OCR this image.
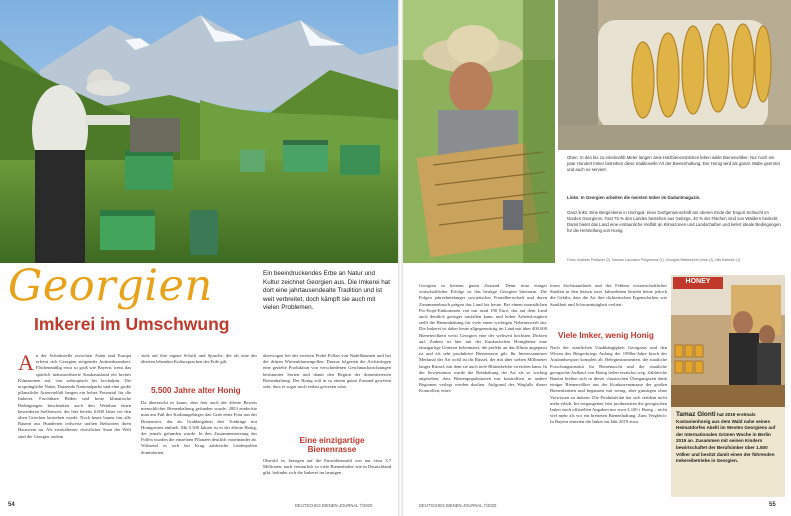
Oben: In den bis zu einebnahb Meter langen Jara-Holzbienenstöcken leben wilde Bienenvölker. Nur noch ein paar Hundert Imker betreiben diese traditionelle Art der Bienenhaltung. Der Honig wird als ganze Wabe geerntet und auch so serviert.
Links: In Georgien arbeiten die meisten Imker im Dadantmagazin.
Ganz links: Eine Bergimkerei in Uschguli, einer Dorfgemeinschaft am oberen Ende der Enguri-Schlucht im Norden Georgiens. Fast 75 % des Landes bestehen aus Gebirge, 40 % der Flächen sind von Wäldern bedeckt. Damit bietet das Land eine erstaunliche Vielfalt an Klimazonen und Landschaften und liefert ideale Bedingungen für die Herstellung von Honig.
Fotos: Andreas Preissner (2), Mariusz Caucasus Programme (1), Georgian Beekeepers Union (2), Nils Hartwich (1)
Georgien
Imkerei im Umschwung
Ein beeindruckendes Erbe an Natur und Kultur zeichnet Georgien aus. Die Imkerei hat dort eine jahrtausendealte Tradition und ist weit verbreitet, doch kämpft sie auch mit vielen Problemen.
A n der Schnittstelle zwischen Asien und Europa erfreut sich Georgien steigender Aufmerksamkeit. Flächenmäßig etwa so groß wie Bayern, weist das spärlich industrialisierte Kaukasusland ein breites Klimazonen auf, von subtropisch bis hochalpin. Die ursprüngliche Natur, Dutzende Nationalparks und eine große pflanzliche Artenvielfalt bergen ein hohes Potenzial für die Imkerei. Fruchtbare Böden und beste klimatische Bedingungen beschenken auch den Weinbau einen besonderen Stellenwert, der hier bereits 6.000 Jahre vor den alten Griechen betrieben wurde. Noch heute bauen fast alle Bauern aus Hunderten teilweise uralten Rebsorten ihren Hauswein an. Als zweitältester christlicher Staat der Welt sind die Georgier zudem
stolz auf ihre eigene Schrift und Sprache, die als eine der ältesten lebenden Kultursprachen der Erde gilt.
5.500 Jahre alter Honig
Da überrascht es kaum, dass hier auch der älteste Beweis menschlicher Bienenhaltung gefunden wurde: 2003 entdeckte man am Fuß des Kodiamgebirges das Grab einer Frau aus der Bronzezeit, das als Grabbeigaben drei Tonkrüge mit Honigresten enthielt. Mit 5.500 Jahren ist es der älteste Honig, der jemals gefunden wurde. In den Zusammensetzung der Pollen wurden die einzelnen Pflanzen deutlich voneinander ab. Während es sich bei Krug zahlreiche Linderpollen dominierten,
überwogen bei der zweiten Probe Pollen von Nadelbäumen und bei der dritten Wiesenblumenpollen. Daraus folgerten die Archäologen eine gezielte Produktion von verschiedenen Geschmacksrichtungen bestimmter Sorten und damit den Beginn der domestizierten Bienenhaltung. Der Honig soll in so einem guten Zustand gewesen sein, dass er sogar noch essbar gewesen wäre.
Eine einzigartige Bienenrasse
Obwohl es, bezogen auf die Einwohnerzahl von nur etwa 3,7 Millionen, nach vermutlich so viele Bienenhalter wie in Deutschland gibt, befindet sich die Imkerei im heutigen
Georgien in keinem guten Zustand. Denn trotz einiger wirtschaftlicher Erfolge ist das heutige Georgien bitterarm. Die Folgen jahrzehntelanger sowjetischer Fremdherrschaft und deren Zusammenbruch prägen das Land bis heute. Bei einem monatlichen Pro-Kopf-Einkommen von nur rund 190 Euro, das auf dem Land auch deutlich geringer ausfallen kann, und hoher Arbeitslosigkeit stellt die Bienenhaltung für viele einen wichtigen Nebenerwerb dar. Die Imkerei ist daher heute allgegenwärtig im Land mit über 400.000 Bienenvölkern weist Georgien eine der weltweit höchsten Dichten auf. Zudem ist hier mit der Kaukasischen Honigbiene eine einzigartige Unterart beheimatet, die perfekt an das Klima angepasst ist und als sehr produktive Bienenrasse gilt. Ihr Interessantester Merkmal der Art wohl ist ihr Rüssel, der mit über sieben Millimeter langer Rüssel, mit dem sie auch tiefe Blütenkelche erreichen kann. In der Sowjetunion wurde die Reinhaltung der Art als so wichtig angesehen, dass Bienenpopulationen nur kontrolliert in andere Regionen verlegt werden durften. Aufgrund des Wegfalls dieser Kontrollen, eines
losen Zuchtstandards und des Fehlens wissenschaftlicher Studien in den letzten zwei Jahrzehnten besteht heute jedoch die Gefahr, dass die Art ihre dichterischen Eigenschaften wie Sanftheit und Schwarmträgheit verliert.
Viele Imker, wenig Honig
Nach der staatlichen Unabhängigkeit Georgiens und den Wirren des Bürgerkriegs Anfang der 1990er-Jahre brach der Auslandsexport komplett ab. Beleginstrumenten, die staatliche Forschungsinstitut für Bienenzucht und der staatliche georgische Aufkauf von Honig fielen ersatzlos weg. Zahlreiche Bauern hielten sich in dieser chaotischen Übergangszeit dank einiger Bienenvölker aus der Konkurrenzmasse der großen Bienenfarmen und begannen mit wenig, aber günstigen ohne Vorwissen zu imkern. Die Produktivität hat sich seitdem nicht mehr erholt. Im vergangenen Jahr produzierten die georgischen Imker nach offiziellen Angaben nur etwa 4.100 t Honig – nicht viel mehr als vor ein breiteten Bienenhaltung. Zum Vergleich: In Bayern ernteten die Imker im Jahr 2019 etwa
HONEY
Tamaz Glonti hat 2019 erstmals Kastanienhonig aus dem Wald nahe seines Heimatdorfes Akelti im Westen Georgiens auf der Internationalen Grünen Woche in Berlin 2019 an. Zusammen mit seinen Kindern bewirtschaftet der Berufsimker über 1.500 Völker und besitzt damit einen der führenden Imkereibetriebe in Georgien.
54	DEUTSCHES BIENEN-JOURNAL 7/2020	DEUTSCHES BIENEN-JOURNAL 7/2020	55
